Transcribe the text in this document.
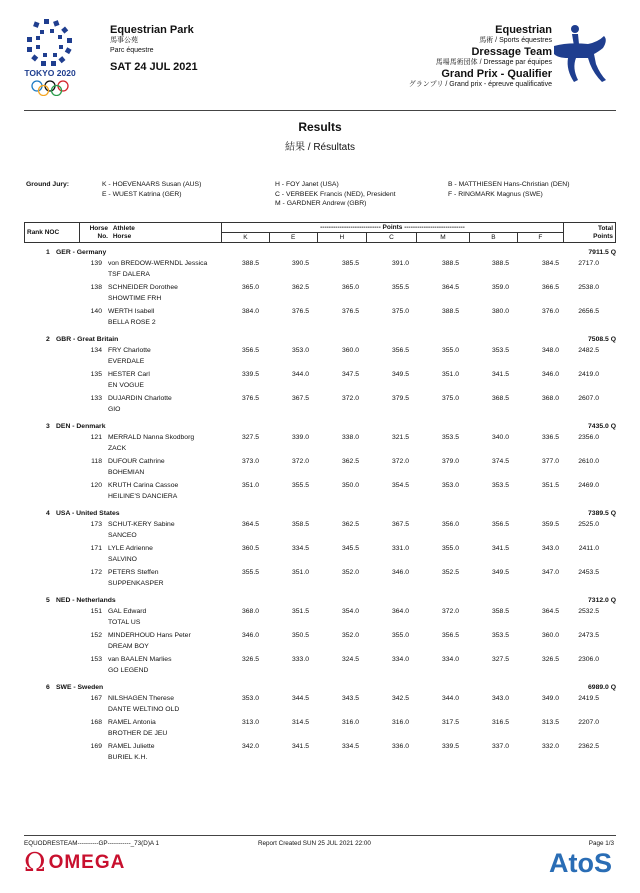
TOKYO 2020
Equestrian Park
馬事公苑
Parc équestre
SAT 24 JUL 2021
Equestrian
馬術 / Sports équestres
Dressage Team
馬場馬術団体 / Dressage par équipes
Grand Prix - Qualifier
グランプリ / Grand prix - épreuve qualificative
Results
結果 / Résultats
Ground Jury:	K - HOEVENAARS Susan (AUS)
E - WUEST Katrina (GER)
H - FOY Janet (USA)
C - VERBEEK Francis (NED), President
M - GARDNER Andrew (GBR)
B - MATTHIESEN Hans-Christian (DEN)
F - RINGMARK Magnus (SWE)
Rank NOC	Horse
No. Athlete
Horse	---------------------------- Points ----------------------------							Total
Points
		K	E	H	C	M	B	F	
1 GER - Germany	7911.5 Q
139 von BREDOW-WERNDL Jessica	388.5	390.5	385.5	391.0	388.5	388.5	384.5	2717.0
TSF DALERA
138 SCHNEIDER Dorothee	365.0	362.5	365.0	355.5	364.5	359.0	366.5	2538.0
SHOWTIME FRH
140 WERTH Isabell	384.0	376.5	376.5	375.0	388.5	380.0	376.0	2656.5
BELLA ROSE 2
2 GBR - Great Britain	7508.5 Q
134 FRY Charlotte	356.5	353.0	360.0	356.5	355.0	353.5	348.0	2482.5
EVERDALE
135 HESTER Carl	339.5	344.0	347.5	349.5	351.0	341.5	346.0	2419.0
EN VOGUE
133 DUJARDIN Charlotte	376.5	367.5	372.0	379.5	375.0	368.5	368.0	2607.0
GIO
3 DEN - Denmark	7435.0 Q
121 MERRALD Nanna Skodborg	327.5	339.0	338.0	321.5	353.5	340.0	336.5	2356.0
ZACK
118 DUFOUR Cathrine	373.0	372.0	362.5	372.0	379.0	374.5	377.0	2610.0
BOHEMIAN
120 KRUTH Carina Cassoe	351.0	355.5	350.0	354.5	353.0	353.5	351.5	2469.0
HEILINE'S DANCIERA
4 USA - United States	7389.5 Q
173 SCHUT-KERY Sabine	364.5	358.5	362.5	367.5	356.0	356.5	359.5	2525.0
SANCEO
171 LYLE Adrienne	360.5	334.5	345.5	331.0	355.0	341.5	343.0	2411.0
SALVINO
172 PETERS Steffen	355.5	351.0	352.0	346.0	352.5	349.5	347.0	2453.5
SUPPENKASPER
5 NED - Netherlands	7312.0 Q
151 GAL Edward	368.0	351.5	354.0	364.0	372.0	358.5	364.5	2532.5
TOTAL US
152 MINDERHOUD Hans Peter	346.0	350.5	352.0	355.0	356.5	353.5	360.0	2473.5
DREAM BOY
153 van BAALEN Marlies	326.5	333.0	324.5	334.0	334.0	327.5	326.5	2306.0
GO LEGEND
6 SWE - Sweden	6989.0 Q
167 NILSHAGEN Therese	353.0	344.5	343.5	342.5	344.0	343.0	349.0	2419.5
DANTE WELTINO OLD
168 RAMEL Antonia	313.0	314.5	316.0	316.0	317.5	316.5	313.5	2207.0
BROTHER DE JEU
169 RAMEL Juliette	342.0	341.5	334.5	336.0	339.5	337.0	332.0	2362.5
BURIEL K.H.
EQUODRESTEAM----------GP-----------_73(D)A 1	Report Created SUN 25 JUL 2021 22:00	Page 1/3
Ω OMEGA	AtoS
